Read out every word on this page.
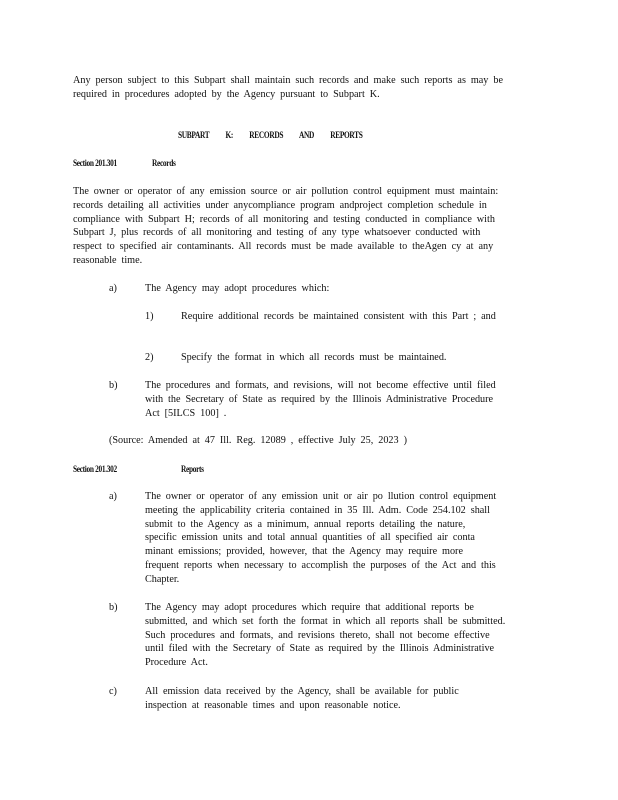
Any person subject to this Subpart shall maintain such records and make such reports as may be required in procedures adopted by the Agency pursuant to Subpart K.
SUBPART K: RECORDS AND REPORTS
Section 201.301	Records
The owner or operator of any emission source or air pollution control equipment must maintain: records detailing all activities under anycompliance program andproject completion schedule in compliance with Subpart H; records of all monitoring and testing conducted in compliance with Subpart J, plus records of all monitoring and testing of any type whatsoever conducted with respect to specified air contaminants. All records must be made available to theAgen cy at any reasonable time.
a)	The Agency may adopt procedures which:
1)	Require additional records be maintained consistent with this Part ; and
2)	Specify the format in which all records must be maintained.
b)	The procedures and formats, and revisions, will not become effective until filed with the Secretary of State as required by the Illinois Administrative Procedure Act [5ILCS 100] .
(Source: Amended at 47 Ill. Reg. 12089 , effective July 25, 2023 )
Section 201.302	Reports
a)	The owner or operator of any emission unit or air po llution control equipment meeting the applicability criteria contained in 35 Ill. Adm. Code 254.102 shall submit to the Agency as a minimum, annual reports detailing the nature, specific emission units and total annual quantities of all specified air conta minant emissions; provided, however, that the Agency may require more frequent reports when necessary to accomplish the purposes of the Act and this Chapter.
b)	The Agency may adopt procedures which require that additional reports be submitted, and which set forth the format in which all reports shall be submitted. Such procedures and formats, and revisions thereto, shall not become effective until filed with the Secretary of State as required by the Illinois Administrative Procedure Act.
c)	All emission data received by the Agency, shall be available for public inspection at reasonable times and upon reasonable notice.
